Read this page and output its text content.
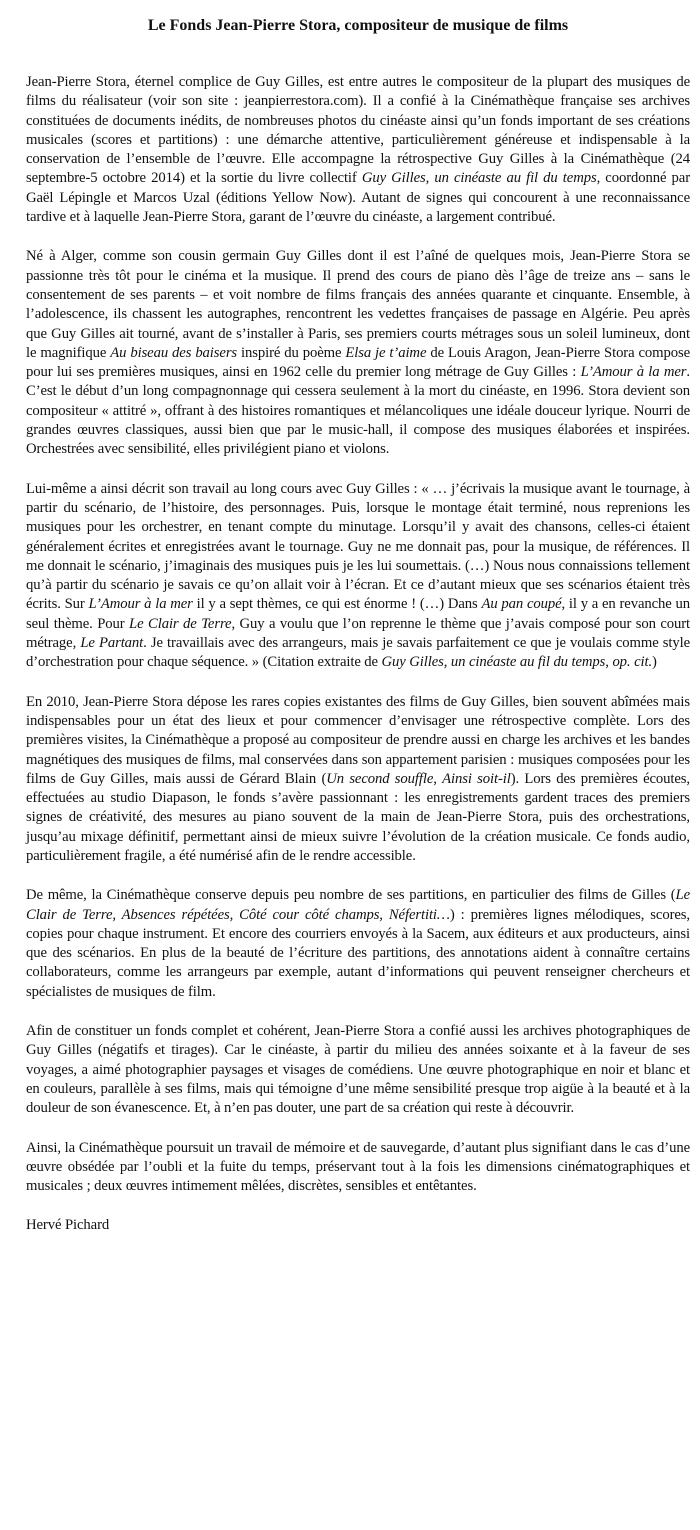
Le Fonds Jean-Pierre Stora, compositeur de musique de films

Jean-Pierre Stora, éternel complice de Guy Gilles, est entre autres le compositeur de la plupart des musiques de films du réalisateur (voir son site : jeanpierrestora.com). Il a confié à la Cinémathèque française ses archives constituées de documents inédits, de nombreuses photos du cinéaste ainsi qu’un fonds important de ses créations musicales (scores et partitions) : une démarche attentive, particulièrement généreuse et indispensable à la conservation de l’ensemble de l’œuvre. Elle accompagne la rétrospective Guy Gilles à la Cinémathèque (24 septembre-5 octobre 2014) et la sortie du livre collectif Guy Gilles, un cinéaste au fil du temps, coordonné par Gaël Lépingle et Marcos Uzal (éditions Yellow Now). Autant de signes qui concourent à une reconnaissance tardive et à laquelle Jean-Pierre Stora, garant de l’œuvre du cinéaste, a largement contribué.

Né à Alger, comme son cousin germain Guy Gilles dont il est l’aîné de quelques mois, Jean-Pierre Stora se passionne très tôt pour le cinéma et la musique. Il prend des cours de piano dès l’âge de treize ans – sans le consentement de ses parents – et voit nombre de films français des années quarante et cinquante. Ensemble, à l’adolescence, ils chassent les autographes, rencontrent les vedettes françaises de passage en Algérie. Peu après que Guy Gilles ait tourné, avant de s’installer à Paris, ses premiers courts métrages sous un soleil lumineux, dont le magnifique Au biseau des baisers inspiré du poème Elsa je t’aime de Louis Aragon, Jean-Pierre Stora compose pour lui ses premières musiques, ainsi en 1962 celle du premier long métrage de Guy Gilles : L’Amour à la mer. C’est le début d’un long compagnonnage qui cessera seulement à la mort du cinéaste, en 1996. Stora devient son compositeur « attitré », offrant à des histoires romantiques et mélancoliques une idéale douceur lyrique. Nourri de grandes œuvres classiques, aussi bien que par le music-hall, il compose des musiques élaborées et inspirées. Orchestrées avec sensibilité, elles privilégient piano et violons.

Lui-même a ainsi décrit son travail au long cours avec Guy Gilles : « … j’écrivais la musique avant le tournage, à partir du scénario, de l’histoire, des personnages. Puis, lorsque le montage était terminé, nous reprenions les musiques pour les orchestrer, en tenant compte du minutage. Lorsqu’il y avait des chansons, celles-ci étaient généralement écrites et enregistrées avant le tournage. Guy ne me donnait pas, pour la musique, de références. Il me donnait le scénario, j’imaginais des musiques puis je les lui soumettais. (…) Nous nous connaissions tellement qu’à partir du scénario je savais ce qu’on allait voir à l’écran. Et ce d’autant mieux que ses scénarios étaient très écrits. Sur L’Amour à la mer il y a sept thèmes, ce qui est énorme ! (…) Dans Au pan coupé, il y a en revanche un seul thème. Pour Le Clair de Terre, Guy a voulu que l’on reprenne le thème que j’avais composé pour son court métrage, Le Partant. Je travaillais avec des arrangeurs, mais je savais parfaitement ce que je voulais comme style d’orchestration pour chaque séquence. » (Citation extraite de Guy Gilles, un cinéaste au fil du temps, op. cit.)

En 2010, Jean-Pierre Stora dépose les rares copies existantes des films de Guy Gilles, bien souvent abîmées mais indispensables pour un état des lieux et pour commencer d’envisager une rétrospective complète. Lors des premières visites, la Cinémathèque a proposé au compositeur de prendre aussi en charge les archives et les bandes magnétiques des musiques de films, mal conservées dans son appartement parisien : musiques composées pour les films de Guy Gilles, mais aussi de Gérard Blain (Un second souffle, Ainsi soit-il). Lors des premières écoutes, effectuées au studio Diapason, le fonds s’avère passionnant : les enregistrements gardent traces des premiers signes de créativité, des mesures au piano souvent de la main de Jean-Pierre Stora, puis des orchestrations, jusqu’au mixage définitif, permettant ainsi de mieux suivre l’évolution de la création musicale. Ce fonds audio, particulièrement fragile, a été numérisé afin de le rendre accessible.

De même, la Cinémathèque conserve depuis peu nombre de ses partitions, en particulier des films de Gilles (Le Clair de Terre, Absences répétées, Côté cour côté champs, Néfertiti…) : premières lignes mélodiques, scores, copies pour chaque instrument. Et encore des courriers envoyés à la Sacem, aux éditeurs et aux producteurs, ainsi que des scénarios. En plus de la beauté de l’écriture des partitions, des annotations aident à connaître certains collaborateurs, comme les arrangeurs par exemple, autant d’informations qui peuvent renseigner chercheurs et spécialistes de musiques de film.

Afin de constituer un fonds complet et cohérent, Jean-Pierre Stora a confié aussi les archives photographiques de Guy Gilles (négatifs et tirages). Car le cinéaste, à partir du milieu des années soixante et à la faveur de ses voyages, a aimé photographier paysages et visages de comédiens. Une œuvre photographique en noir et blanc et en couleurs, parallèle à ses films, mais qui témoigne d’une même sensibilité presque trop aigüe à la beauté et à la douleur de son évanescence. Et, à n’en pas douter, une part de sa création qui reste à découvrir.

Ainsi, la Cinémathèque poursuit un travail de mémoire et de sauvegarde, d’autant plus signifiant dans le cas d’une œuvre obsédée par l’oubli et la fuite du temps, préservant tout à la fois les dimensions cinématographiques et musicales ; deux œuvres intimement mêlées, discrètes, sensibles et entêtantes.

Hervé Pichard
